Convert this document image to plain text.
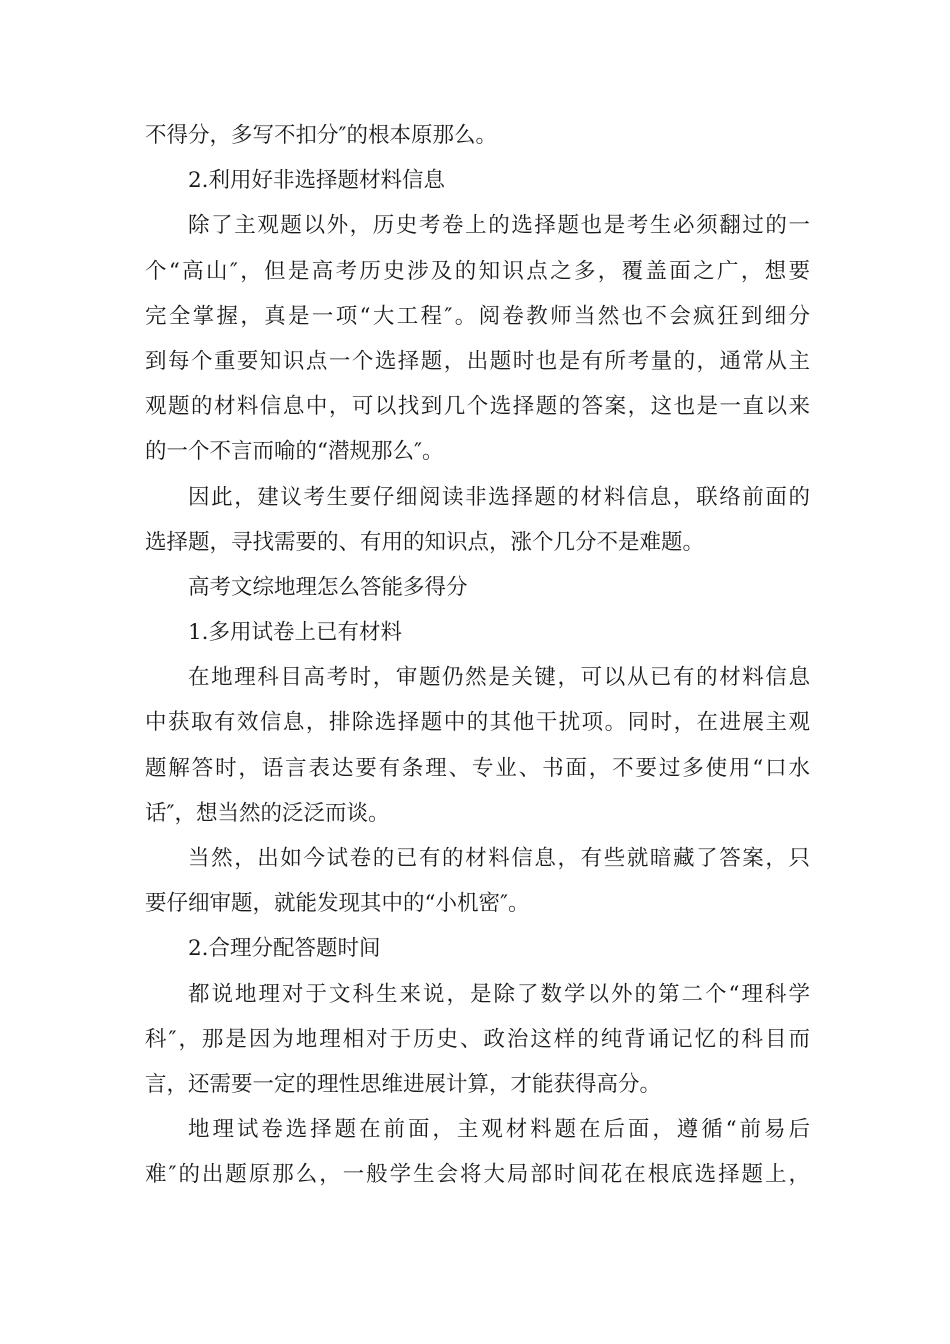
不得分，多写不扣分″的根本原那么。
2.利用好非选择题材料信息
除了主观题以外，历史考卷上的选择题也是考生必须翻过的一
个“高山″，但是高考历史涉及的知识点之多，覆盖面之广，想要
完全掌握，真是一项“大工程″。阅卷教师当然也不会疯狂到细分
到每个重要知识点一个选择题，出题时也是有所考量的，通常从主
观题的材料信息中，可以找到几个选择题的答案，这也是一直以来
的一个不言而喻的“潜规那么″。
因此，建议考生要仔细阅读非选择题的材料信息，联络前面的
选择题，寻找需要的、有用的知识点，涨个几分不是难题。
高考文综地理怎么答能多得分
1.多用试卷上已有材料
在地理科目高考时，审题仍然是关键，可以从已有的材料信息
中获取有效信息，排除选择题中的其他干扰项。同时，在进展主观
题解答时，语言表达要有条理、专业、书面，不要过多使用“口水
话″，想当然的泛泛而谈。
当然，出如今试卷的已有的材料信息，有些就暗藏了答案，只
要仔细审题，就能发现其中的“小机密″。
2.合理分配答题时间
都说地理对于文科生来说，是除了数学以外的第二个“理科学
科″，那是因为地理相对于历史、政治这样的纯背诵记忆的科目而
言，还需要一定的理性思维进展计算，才能获得高分。
地理试卷选择题在前面，主观材料题在后面，遵循“前易后
难″的出题原那么，一般学生会将大局部时间花在根底选择题上，
